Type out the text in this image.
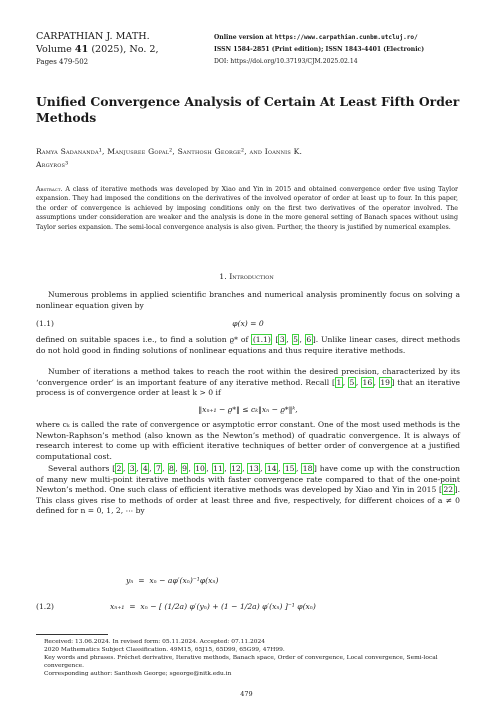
CARPATHIAN J. MATH.
Volume 41 (2025), No. 2,
Pages 479-502
Online version at https://www.carpathian.cunbm.utcluj.ro/
ISSN 1584-2851 (Print edition); ISSN 1843-4401 (Electronic)
DOI: https://doi.org/10.37193/CJM.2025.02.14
Unified Convergence Analysis of Certain At Least Fifth Order Methods
Ramya Sadananda¹, Manjusree Gopal², Santhosh George², and Ioannis K.
Argyros³
Abstract. A class of iterative methods was developed by Xiao and Yin in 2015 and obtained convergence order five using Taylor expansion. They had imposed the conditions on the derivatives of the involved operator of order at least up to four. In this paper, the order of convergence is achieved by imposing conditions only on the first two derivatives of the operator involved. The assumptions under consideration are weaker and the analysis is done in the more general setting of Banach spaces without using Taylor series expansion. The semi-local convergence analysis is also given. Further, the theory is justified by numerical examples.
1. Introduction
Numerous problems in applied scientific branches and numerical analysis prominently focus on solving a nonlinear equation given by
(1.1)	φ(x) = 0
defined on suitable spaces i.e., to find a solution ϱ* of (1.1) [ 3 , 5 , 6 ]. Unlike linear cases, direct methods do not hold good in finding solutions of nonlinear equations and thus require iterative methods.
Number of iterations a method takes to reach the root within the desired precision, characterized by its ‘convergence order’ is an important feature of any iterative method. Recall [ 1 , 5 , 16 , 19 ] that an iterative process is of convergence order at least k > 0 if
‖xₙ₊₁ − ϱ*‖ ≤ cₖ‖xₙ − ϱ*‖ᵏ,
where cₖ is called the rate of convergence or asymptotic error constant. One of the most used methods is the Newton-Raphson’s method (also known as the Newton’s method) of quadratic convergence. It is always of research interest to come up with efficient iterative techniques of better order of convergence at a justified computational cost.
Several authors [ 2 , 3 , 4 , 7 , 8 , 9 , 10 , 11 , 12 , 13 , 14 , 15 , 18 ] have come up with the construction of many new multi-point iterative methods with faster convergence rate compared to that of the one-point Newton’s method. One such class of efficient iterative methods was developed by Xiao and Yin in 2015 [ 22 ]. This class gives rise to methods of order at least three and five, respectively, for different choices of a ≠ 0 defined for n = 0, 1, 2, ⋯ by
yₙ  =  xₙ − aφ′(xₙ)⁻¹φ(xₙ)
(1.2)	xₙ₊₁  =  xₙ − [ (1/2a) φ′(yₙ) + (1 − 1/2a) φ′(xₙ) ]⁻¹ φ(xₙ)
Received: 13.06.2024. In revised form: 05.11.2024. Accepted: 07.11.2024
2020 Mathematics Subject Classification. 49M15, 65J15, 65D99, 65G99, 47H99.
Key words and phrases. Fréchet derivative, Iterative methods, Banach space, Order of convergence, Local convergence, Semi-local convergence.
Corresponding author: Santhosh George; sgeorge@nitk.edu.in
479
